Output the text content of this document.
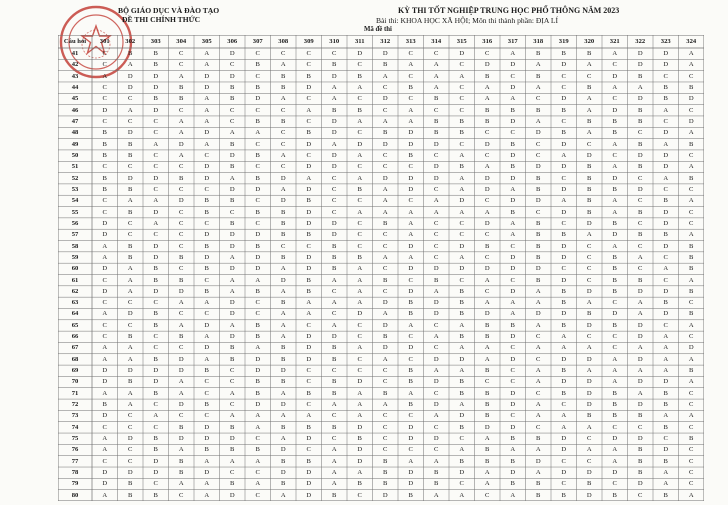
BỘ GIÁO DỤC VÀ ĐÀO TẠO
ĐỀ THI CHÍNH THỨC
KỲ THI TỐT NGHIỆP TRUNG HỌC PHỔ THÔNG NĂM 2023
Bài thi: KHOA HỌC XÃ HỘI; Môn thi thành phần: ĐỊA LÍ
Mã đề thi
Câu hỏi	301	302	303	304	305	306	307	308	309	310	311	312	313	314	315	316	317	318	319	320	321	322	323	324
41	C	B	B	C	A	D	C	C	C	C	D	D	C	C	D	C	A	B	B	B	A	D	D	A
42	C	A	B	C	A	C	B	A	C	B	C	B	A	A	C	D	D	A	D	A	C	D	D	A
43	A	D	D	A	D	D	C	B	B	D	B	A	C	A	A	B	C	B	C	C	D	B	C	C
44	C	D	D	B	D	B	B	B	D	A	A	C	B	A	C	A	D	A	C	B	A	A	B	B
45	C	C	B	B	A	B	D	A	C	A	C	D	C	B	C	A	A	C	D	A	C	D	B	D
46	D	A	D	C	A	C	C	C	A	B	B	C	A	C	C	B	B	B	B	A	D	B	A	C
47	C	C	C	A	A	C	B	B	C	D	A	A	A	B	B	B	D	A	C	B	B	B	C	D
48	B	D	C	A	D	A	A	C	B	D	C	B	D	B	B	C	C	D	B	A	B	C	D	A
49	B	B	A	D	A	B	C	C	D	A	D	D	D	D	C	D	B	C	D	C	A	B	A	B
50	B	B	C	A	C	D	B	A	C	D	A	C	B	C	A	C	D	C	A	D	C	D	D	C
51	C	C	C	C	D	B	C	C	D	D	C	C	C	D	B	A	B	D	D	B	A	B	D	A
52	B	D	D	B	D	A	B	D	A	C	A	D	D	D	A	D	D	B	C	B	D	C	A	B
53	B	B	C	C	C	D	D	A	D	C	B	A	D	C	A	D	A	B	D	B	B	D	C	C
54	C	A	A	D	B	B	C	D	B	C	C	A	C	A	D	C	D	D	A	B	A	C	B	A
55	C	B	D	C	B	C	B	B	D	C	A	A	A	A	A	A	B	C	D	B	A	B	D	C
56	D	C	A	C	C	B	C	B	D	D	C	B	A	C	C	D	A	B	C	D	B	C	D	C
57	D	C	C	C	D	D	D	B	B	D	C	C	A	C	C	C	A	B	B	A	D	B	B	A
58	A	B	D	C	B	D	B	C	C	B	C	C	D	C	D	B	C	B	D	C	A	C	D	B
59	A	B	D	B	D	A	D	B	D	B	B	A	A	C	A	C	D	B	D	C	B	A	C	B
60	D	A	B	C	B	D	D	A	D	B	A	C	D	D	D	D	D	D	C	C	B	C	A	B
61	C	A	B	B	C	A	A	D	B	A	A	B	C	B	C	A	C	B	D	C	B	B	C	A
62	D	A	D	D	B	A	B	A	B	C	A	C	D	A	B	C	D	A	B	D	B	D	D	B
63	C	C	C	A	A	D	C	B	A	A	A	D	B	D	B	A	A	A	B	A	C	A	B	C
64	A	D	B	C	C	D	C	A	A	C	D	A	B	D	B	D	A	D	D	B	D	A	D	B
65	C	C	B	A	D	A	B	A	C	A	C	D	A	C	A	B	B	A	B	D	B	D	C	A
66	C	B	C	B	A	D	B	A	D	D	C	B	C	A	B	B	D	C	A	C	C	D	A	C
67	A	A	C	C	D	B	A	B	D	B	A	D	D	C	A	A	C	A	A	A	C	A	A	D
68	A	A	B	D	A	B	D	B	D	B	C	A	C	D	D	A	D	C	D	D	A	D	A	A
69	D	D	D	D	B	C	D	D	C	C	C	C	B	A	A	B	C	A	B	A	A	A	A	B
70	D	B	D	A	C	C	B	B	C	B	D	C	B	D	B	C	C	A	D	D	A	D	D	A
71	A	A	B	A	C	A	B	A	B	B	A	B	A	C	B	B	D	C	B	D	B	A	B	C
72	B	A	C	D	B	C	D	D	C	A	A	A	B	D	A	B	D	A	C	D	B	D	B	C
73	D	C	A	C	C	A	A	A	A	C	A	C	C	A	D	B	C	A	A	B	B	B	A	A
74	C	C	C	B	D	B	A	B	B	B	D	C	D	C	B	D	D	C	A	A	C	C	B	C
75	A	D	B	D	D	D	C	A	D	C	B	C	D	D	C	A	B	B	D	C	D	D	C	B
76	A	C	B	A	B	B	B	D	C	A	D	C	C	C	A	B	A	A	D	A	A	B	D	C
77	C	C	D	B	A	A	A	B	B	A	D	B	A	A	B	B	B	D	C	C	A	B	B	C
78	D	D	D	B	D	C	C	D	D	A	A	B	D	B	D	A	D	A	D	D	D	B	A	C
79	D	B	C	A	A	B	A	B	D	A	B	B	D	B	C	A	B	B	C	B	C	D	A	C
80	A	B	B	C	A	D	C	A	D	B	C	D	B	A	A	C	A	B	B	D	B	C	B	A
